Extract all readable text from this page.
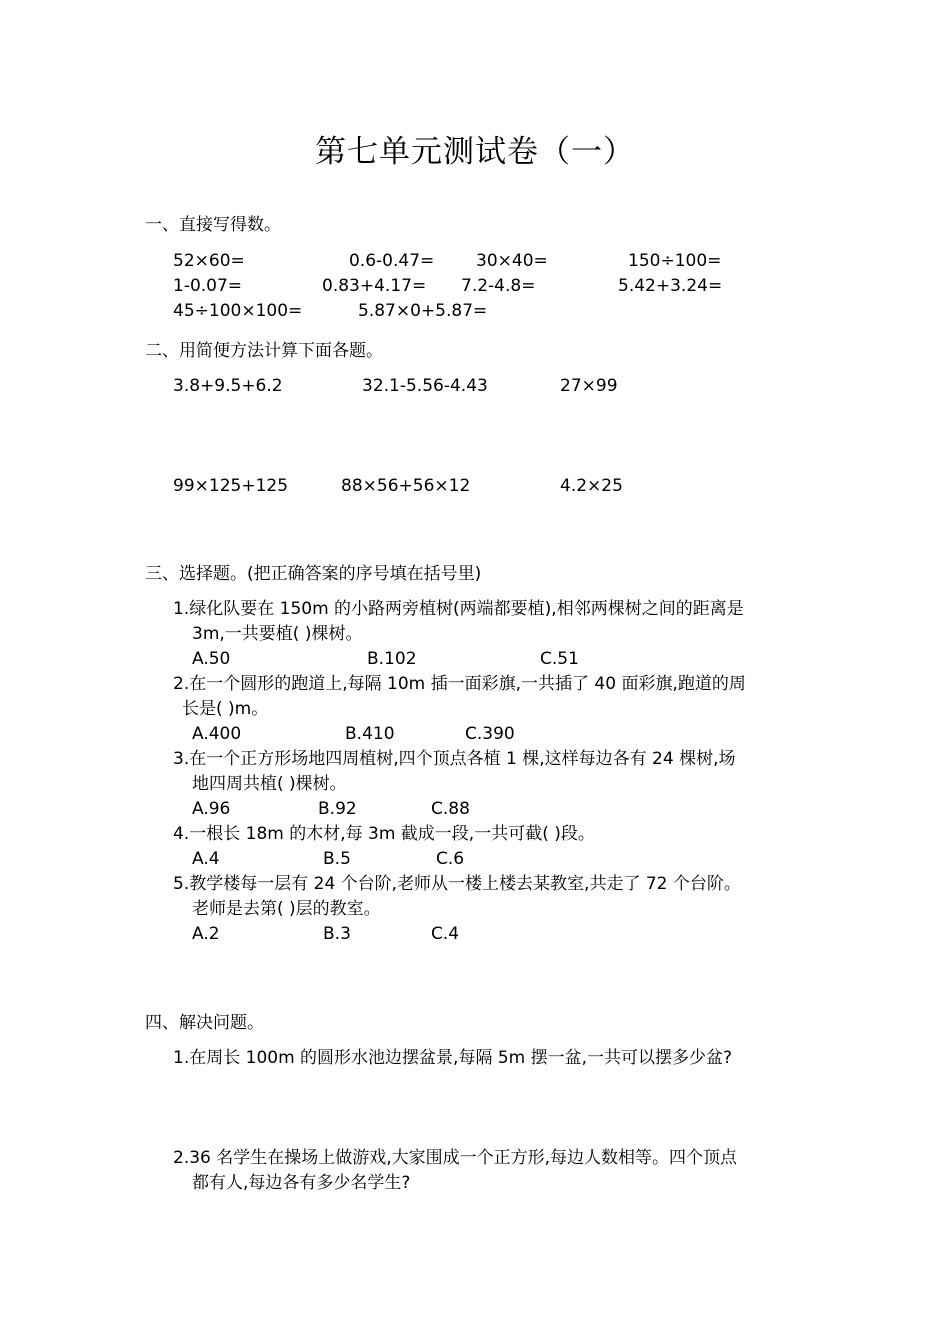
第七单元测试卷（一）
一、直接写得数。
52×60=	0.6-0.47= 30×40=	150÷100=
1-0.07=	0.83+4.17= 7.2-4.8=	5.42+3.24=
45÷100×100=	5.87×0+5.87=
二、用简便方法计算下面各题。
3.8+9.5+6.2	32.1-5.56-4.43	27×99
99×125+125	88×56+56×12	4.2×25
三、选择题。(把正确答案的序号填在括号里)
1.绿化队要在 150m 的小路两旁植树(两端都要植),相邻两棵树之间的距离是
3m,一共要植( )棵树。
A.50	B.102	C.51
2.在一个圆形的跑道上,每隔 10m 插一面彩旗,一共插了 40 面彩旗,跑道的周
长是( )m。
A.400	B.410	C.390
3.在一个正方形场地四周植树,四个顶点各植 1 棵,这样每边各有 24 棵树,场
地四周共植( )棵树。
A.96	B.92	C.88
4.一根长 18m 的木材,每 3m 截成一段,一共可截( )段。
A.4	B.5	C.6
5.教学楼每一层有 24 个台阶,老师从一楼上楼去某教室,共走了 72 个台阶。
老师是去第( )层的教室。
A.2	B.3	C.4
四、解决问题。
1.在周长 100m 的圆形水池边摆盆景,每隔 5m 摆一盆,一共可以摆多少盆?
2.36 名学生在操场上做游戏,大家围成一个正方形,每边人数相等。四个顶点
都有人,每边各有多少名学生?
